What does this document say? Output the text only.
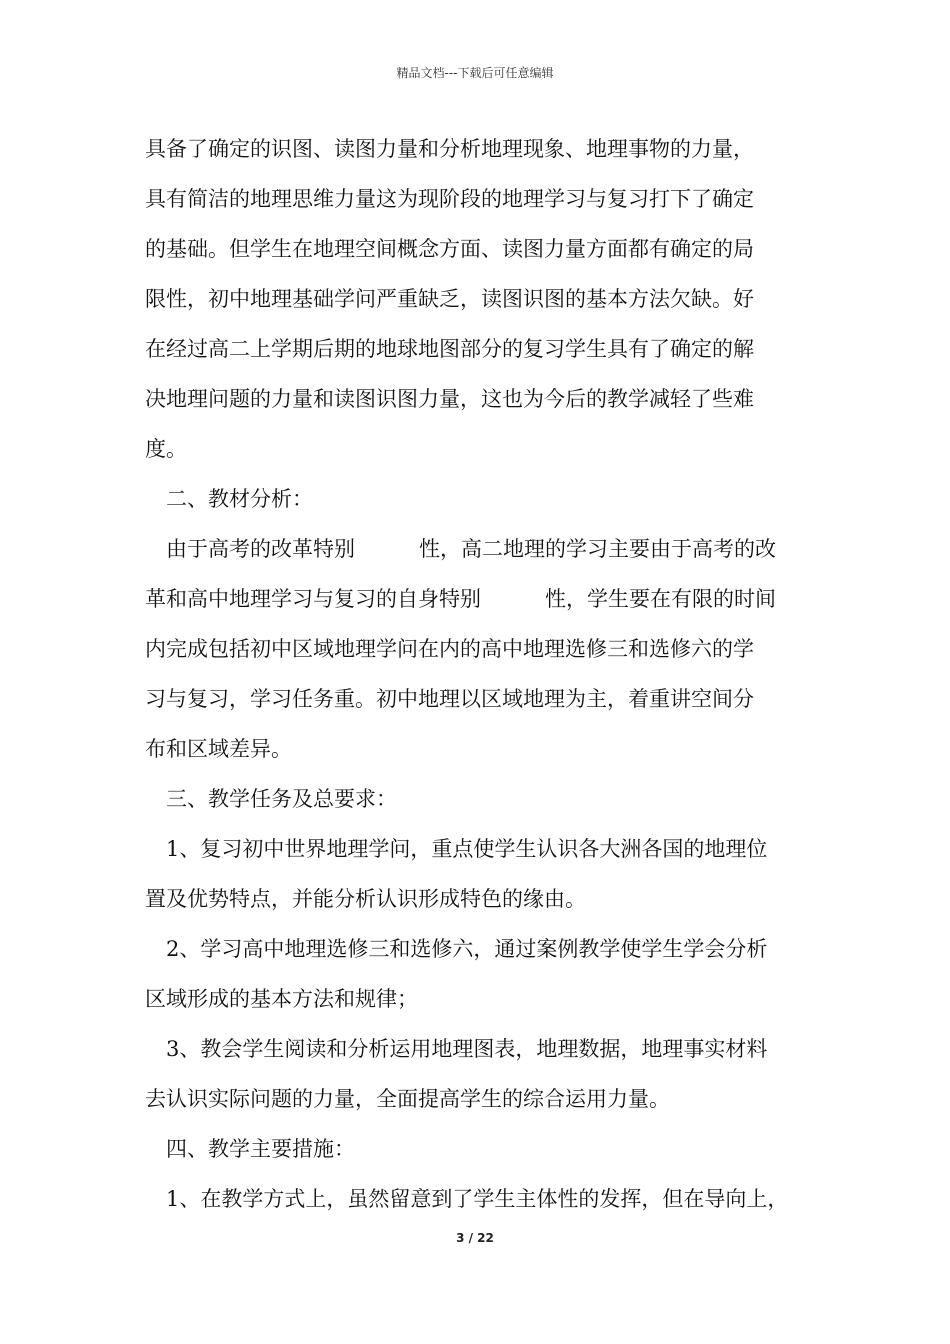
精品文档---下载后可任意编辑
具备了确定的识图、读图力量和分析地理现象、地理事物的力量，
具有简洁的地理思维力量这为现阶段的地理学习与复习打下了确定
的基础。但学生在地理空间概念方面、读图力量方面都有确定的局
限性，初中地理基础学问严重缺乏，读图识图的基本方法欠缺。好
在经过高二上学期后期的地球地图部分的复习学生具有了确定的解
决地理问题的力量和读图识图力量，这也为今后的教学减轻了些难
度。
二、教材分析：
由于高考的改革特别	性，高二地理的学习主要由于高考的改
革和高中地理学习与复习的自身特别	性，学生要在有限的时间
内完成包括初中区域地理学问在内的高中地理选修三和选修六的学
习与复习，学习任务重。初中地理以区域地理为主，着重讲空间分
布和区域差异。
三、教学任务及总要求：
1、复习初中世界地理学问，重点使学生认识各大洲各国的地理位
置及优势特点，并能分析认识形成特色的缘由。
2、学习高中地理选修三和选修六，通过案例教学使学生学会分析
区域形成的基本方法和规律；
3、教会学生阅读和分析运用地理图表，地理数据，地理事实材料
去认识实际问题的力量，全面提高学生的综合运用力量。
四、教学主要措施：
1、在教学方式上，虽然留意到了学生主体性的发挥，但在导向上，
3 / 22
